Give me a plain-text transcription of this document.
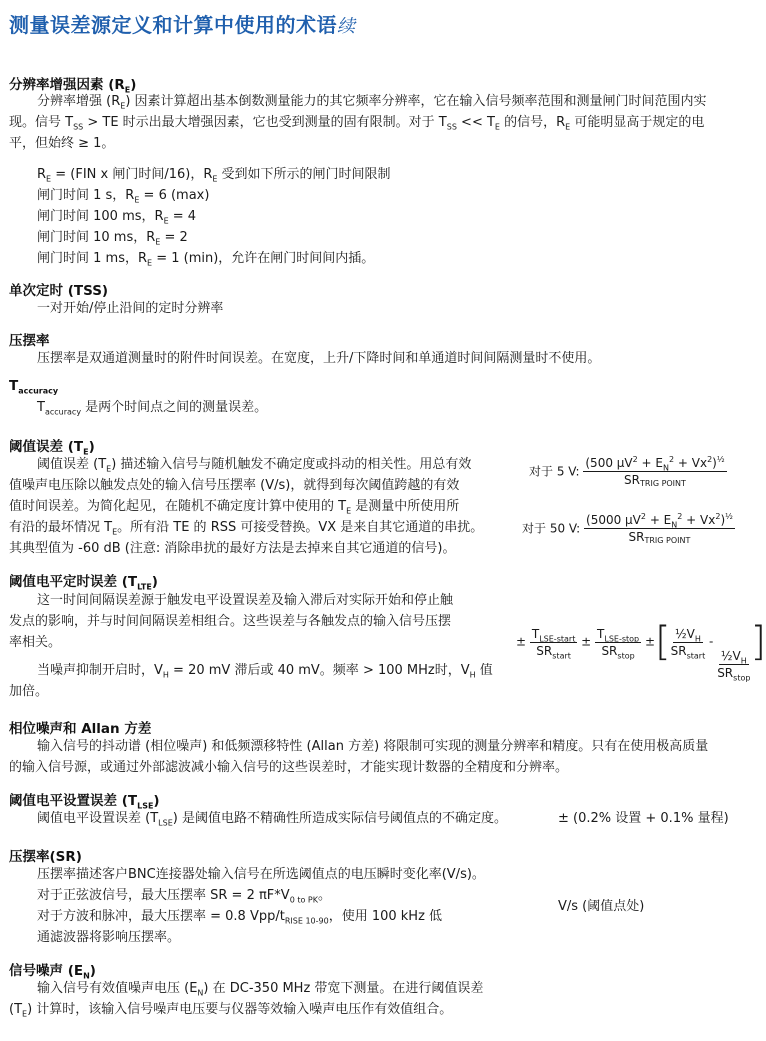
测量误差源定义和计算中使用的术语续
分辨率增强因素 $(R_E)$

分辨率增强 $(R_E)$ 因素计算超出基本倒数测量能力的其它频率分辨率，它在输入信号频率范围和测量闸门时间范围内实现。信号 $T_{SS}$ > TE 时示出最大增强因素，它也受到测量的固有限制。对于 $T_{SS} << T_E$ 的信号，$R_E$ 可能明显高于规定的电平，但始终 ≥ 1。

$R_E = (FIN$ x 闸门时间/16)，$R_E$ 受到如下所示的闸门时间限制

闸门时间 1 s，$R_E = 6$ (max)

闸门时间 100 ms，$R_E = 4$

闸门时间 10 ms，$R_E = 2$

闸门时间 1 ms，$R_E = 1$ (min)，允许在闸门时间间内插。

单次定时 (TSS)

一对开始/停止沿间的定时分辨率

压摆率

压摆率是双通道测量时的附件时间误差。在宽度，上升/下降时间和单通道时间间隔测量时不使用。

$T_{accuracy}$

$T_{accuracy}$ 是两个时间点之间的测量误差。

阈值误差 $(T_E)$

阈值误差 $(T_E)$ 描述输入信号与随机触发不确定度或抖动的相关性。用总有效

值噪声电压除以触发点处的输入信号压摆率 (V/s)，就得到每次阈值跨越的有效

值时间误差。为简化起见，在随机不确定度计算中使用的 $T_E$ 是测量中所使用所

有沿的最坏情况 $T_E$。所有沿 TE 的 RSS 可接受替换。VX 是来自其它通道的串扰。

其典型值为 -60 dB (注意: 消除串扰的最好方法是去掉来自其它通道的信号)。

对于 5 V: $\frac{(500 \mu V^2 + E_N^2 + Vx^2)^{\frac{1}{2}}}{\text{SRTRIG POINT}}$
对于 50 V: $\frac{(5000 \mu V^2 + E_N^2 + Vx^2)^{\frac{1}{2}}}{\text{SRTRIG POINT}}$
阈值电平定时误差 $(T_{LTE})$

这一时间间隔误差源于触发电平设置误差及输入滞后对实际开始和停止触

发点的影响，并与时间间隔误差相组合。这些误差与各触发点的输入信号压摆

率相关。

当噪声抑制开启时，$V_H = 20$ mV 滞后或 40 mV。频率 > 100 MHz时，$V_H$ 值

加倍。

± $\frac{T_{LSE-start}}{SR_{start}} \pm \frac{T_{LSE-stop}}{SR_{stop}}$ ±[ $\frac{\frac{1}{2}V_H}{SR_{start}}$ -
$\frac{\frac{1}{2}V_H}{SR_{stop}}$ ]
相位噪声和 Allan 方差

输入信号的抖动谱 (相位噪声) 和低频漂移特性 (Allan 方差) 将限制可实现的测量分辨率和精度。只有在使用极高质量的输入信号源，或通过外部滤波减小输入信号的这些误差时，才能实现计数器的全精度和分辨率。

阈值电平设置误差 $(T_{LSE})$

阈值电平设置误差 $(T_{LSE})$ 是阈值电路不精确性所造成实际信号阈值点的不确定度。	± (0.2% 设置 + 0.1% 量程)

压摆率(SR)

压摆率描述客户BNC连接器处输入信号在所选阈值点的电压瞬时变化率(V/s)。

对于正弦波信号，最大压摆率 SR = 2 $\pi F*V_{0 to PK}$。

对于方波和脉冲，最大压摆率 = 0.8 Vpp/$t_{RISE 10-90}$，使用 100 kHz 低

通滤波器将影响压摆率。

V/s (阈值点处)

信号噪声 $(E_N)$

输入信号有效值噪声电压 $(E_N)$ 在 DC-350 MHz 带宽下测量。在进行阈值误差

$(T_E)$ 计算时，该输入信号噪声电压要与仪器等效输入噪声电压作有效值组合。
